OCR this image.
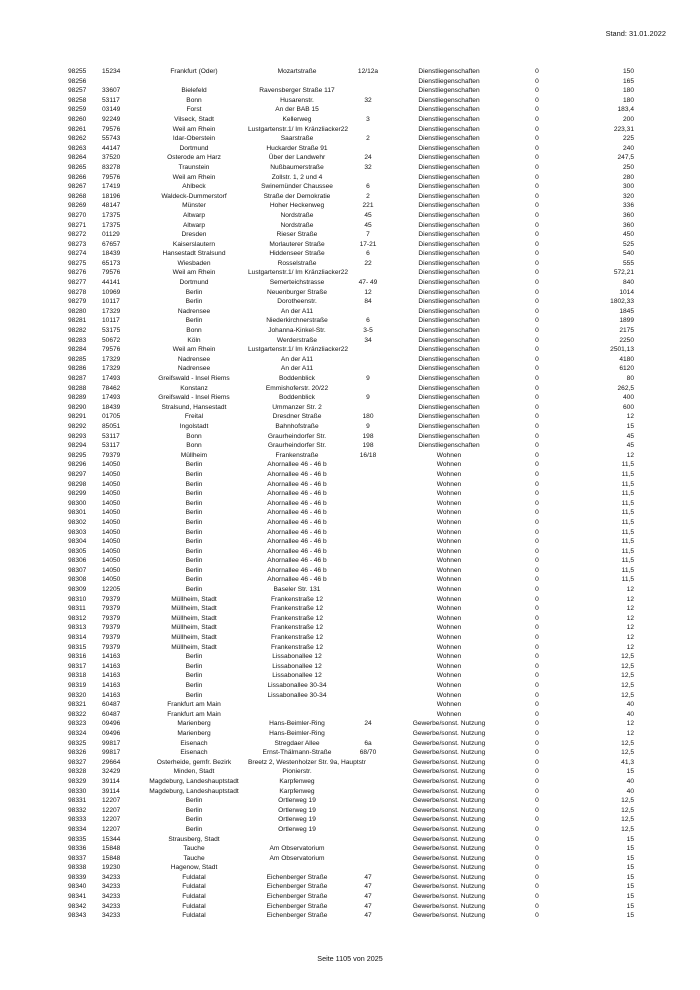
Stand: 31.01.2022
98255	15234	Frankfurt (Oder)	Mozartstraße	12/12a	Dienstliegenschaften	0	150
98256					Dienstliegenschaften	0	165
98257	33607	Bielefeld	Ravensberger Straße 117		Dienstliegenschaften	0	180
98258	53117	Bonn	Husarenstr.	32	Dienstliegenschaften	0	180
98259	03149	Forst	An der BAB 15		Dienstliegenschaften	0	183,4
98260	92249	Vilseck, Stadt	Kellerweg	3	Dienstliegenschaften	0	200
98261	79576	Weil am Rhein	Lustgartenstr.1/ Im Kränzliacker22		Dienstliegenschaften	0	223,31
98262	55743	Idar-Oberstein	Saarstraße	2	Dienstliegenschaften	0	225
98263	44147	Dortmund	Huckarder Straße 91		Dienstliegenschaften	0	240
98264	37520	Osterode am Harz	Über der Landwehr	24	Dienstliegenschaften	0	247,5
98265	83278	Traunstein	Nußbaumerstraße	32	Dienstliegenschaften	0	250
98266	79576	Weil am Rhein	Zollstr. 1, 2 und 4		Dienstliegenschaften	0	280
98267	17419	Ahlbeck	Swinemünder Chaussee	6	Dienstliegenschaften	0	300
98268	18196	Waldeck-Dummerstorf	Straße der Demokratie	2	Dienstliegenschaften	0	320
98269	48147	Münster	Hoher Heckenweg	221	Dienstliegenschaften	0	336
98270	17375	Altwarp	Nordstraße	45	Dienstliegenschaften	0	360
98271	17375	Altwarp	Nordstraße	45	Dienstliegenschaften	0	360
98272	01129	Dresden	Rieser Straße	7	Dienstliegenschaften	0	450
98273	67657	Kaiserslautern	Morlauterer Straße	17-21	Dienstliegenschaften	0	525
98274	18439	Hansestadt Stralsund	Hiddenseer Straße	6	Dienstliegenschaften	0	540
98275	65173	Wiesbaden	Rosselstraße	22	Dienstliegenschaften	0	555
98276	79576	Weil am Rhein	Lustgartenstr.1/ Im Kränzliacker22		Dienstliegenschaften	0	572,21
98277	44141	Dortmund	Semerteichstrasse	47- 49	Dienstliegenschaften	0	840
98278	10969	Berlin	Neuenburger Straße	12	Dienstliegenschaften	0	1014
98279	10117	Berlin	Dorotheenstr.	84	Dienstliegenschaften	0	1802,33
98280	17329	Nadrensee	An der A11		Dienstliegenschaften	0	1845
98281	10117	Berlin	Niederkirchnerstraße	6	Dienstliegenschaften	0	1899
98282	53175	Bonn	Johanna-Kinkel-Str.	3-5	Dienstliegenschaften	0	2175
98283	50672	Köln	Werderstraße	34	Dienstliegenschaften	0	2250
98284	79576	Weil am Rhein	Lustgartenstr.1/ Im Kränzliacker22		Dienstliegenschaften	0	2501,13
98285	17329	Nadrensee	An der A11		Dienstliegenschaften	0	4180
98286	17329	Nadrensee	An der A11		Dienstliegenschaften	0	6120
98287	17493	Greifswald - Insel Riems	Boddenblick	9	Dienstliegenschaften	0	80
98288	78462	Konstanz	Emmishoferstr. 20/22		Dienstliegenschaften	0	262,5
98289	17493	Greifswald - Insel Riems	Boddenblick	9	Dienstliegenschaften	0	400
98290	18439	Stralsund, Hansestadt	Ummanzer Str. 2		Dienstliegenschaften	0	600
98291	01705	Freital	Dresdner Straße	180	Dienstliegenschaften	0	12
98292	85051	Ingolstadt	Bahnhofstraße	9	Dienstliegenschaften	0	15
98293	53117	Bonn	Graurheindorfer Str.	198	Dienstliegenschaften	0	45
98294	53117	Bonn	Graurheindorfer Str.	198	Dienstliegenschaften	0	45
98295	79379	Müllheim	Frankenstraße	16/18	Wohnen	0	12
98296	14050	Berlin	Ahornallee 46 - 46 b		Wohnen	0	11,5
98297	14050	Berlin	Ahornallee 46 - 46 b		Wohnen	0	11,5
98298	14050	Berlin	Ahornallee 46 - 46 b		Wohnen	0	11,5
98299	14050	Berlin	Ahornallee 46 - 46 b		Wohnen	0	11,5
98300	14050	Berlin	Ahornallee 46 - 46 b		Wohnen	0	11,5
98301	14050	Berlin	Ahornallee 46 - 46 b		Wohnen	0	11,5
98302	14050	Berlin	Ahornallee 46 - 46 b		Wohnen	0	11,5
98303	14050	Berlin	Ahornallee 46 - 46 b		Wohnen	0	11,5
98304	14050	Berlin	Ahornallee 46 - 46 b		Wohnen	0	11,5
98305	14050	Berlin	Ahornallee 46 - 46 b		Wohnen	0	11,5
98306	14050	Berlin	Ahornallee 46 - 46 b		Wohnen	0	11,5
98307	14050	Berlin	Ahornallee 46 - 46 b		Wohnen	0	11,5
98308	14050	Berlin	Ahornallee 46 - 46 b		Wohnen	0	11,5
98309	12205	Berlin	Baseler Str. 131		Wohnen	0	12
98310	79379	Müllheim, Stadt	Frankenstraße 12		Wohnen	0	12
98311	79379	Müllheim, Stadt	Frankenstraße 12		Wohnen	0	12
98312	79379	Müllheim, Stadt	Frankenstraße 12		Wohnen	0	12
98313	79379	Müllheim, Stadt	Frankenstraße 12		Wohnen	0	12
98314	79379	Müllheim, Stadt	Frankenstraße 12		Wohnen	0	12
98315	79379	Müllheim, Stadt	Frankenstraße 12		Wohnen	0	12
98316	14163	Berlin	Lissabonallee 12		Wohnen	0	12,5
98317	14163	Berlin	Lissabonallee 12		Wohnen	0	12,5
98318	14163	Berlin	Lissabonallee 12		Wohnen	0	12,5
98319	14163	Berlin	Lissabonallee 30-34		Wohnen	0	12,5
98320	14163	Berlin	Lissabonallee 30-34		Wohnen	0	12,5
98321	60487	Frankfurt am Main			Wohnen	0	40
98322	60487	Frankfurt am Main			Wohnen	0	40
98323	09496	Marienberg	Hans-Beimler-Ring	24	Gewerbe/sonst. Nutzung	0	12
98324	09496	Marienberg	Hans-Beimler-Ring		Gewerbe/sonst. Nutzung	0	12
98325	99817	Eisenach	Stregdaer Allee	6a	Gewerbe/sonst. Nutzung	0	12,5
98326	99817	Eisenach	Ernst-Thälmann-Straße	68/70	Gewerbe/sonst. Nutzung	0	12,5
98327	29664	Osterheide, gemfr. Bezirk	Breetz 2, Westenholzer Str. 9a, Hauptstr		Gewerbe/sonst. Nutzung	0	41,3
98328	32429	Minden, Stadt	Pionierstr.		Gewerbe/sonst. Nutzung	0	15
98329	39114	Magdeburg, Landeshauptstadt	Karpfenweg		Gewerbe/sonst. Nutzung	0	40
98330	39114	Magdeburg, Landeshauptstadt	Karpfenweg		Gewerbe/sonst. Nutzung	0	40
98331	12207	Berlin	Ortlerweg 19		Gewerbe/sonst. Nutzung	0	12,5
98332	12207	Berlin	Ortlerweg 19		Gewerbe/sonst. Nutzung	0	12,5
98333	12207	Berlin	Ortlerweg 19		Gewerbe/sonst. Nutzung	0	12,5
98334	12207	Berlin	Ortlerweg 19		Gewerbe/sonst. Nutzung	0	12,5
98335	15344	Strausberg, Stadt			Gewerbe/sonst. Nutzung	0	15
98336	15848	Tauche	Am Observatorium		Gewerbe/sonst. Nutzung	0	15
98337	15848	Tauche	Am Observatorium		Gewerbe/sonst. Nutzung	0	15
98338	19230	Hagenow, Stadt			Gewerbe/sonst. Nutzung	0	15
98339	34233	Fuldatal	Eichenberger Straße	47	Gewerbe/sonst. Nutzung	0	15
98340	34233	Fuldatal	Eichenberger Straße	47	Gewerbe/sonst. Nutzung	0	15
98341	34233	Fuldatal	Eichenberger Straße	47	Gewerbe/sonst. Nutzung	0	15
98342	34233	Fuldatal	Eichenberger Straße	47	Gewerbe/sonst. Nutzung	0	15
98343	34233	Fuldatal	Eichenberger Straße	47	Gewerbe/sonst. Nutzung	0	15
Seite 1105 von 2025
